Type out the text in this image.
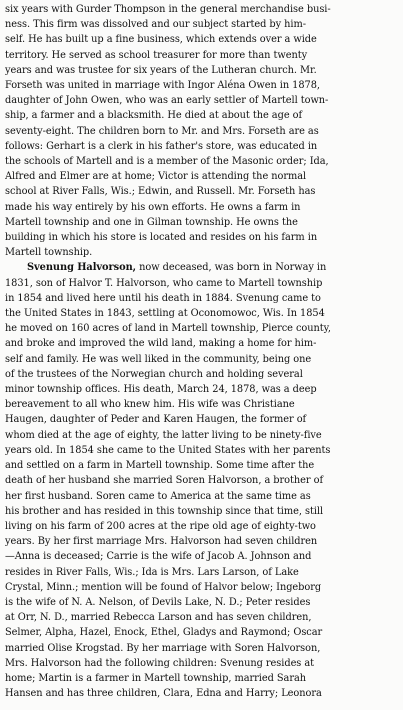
six years with Gurder Thompson in the general merchandise busi-
ness. This firm was dissolved and our subject started by him-
self. He has built up a fine business, which extends over a wide
territory. He served as school treasurer for more than twenty
years and was trustee for six years of the Lutheran church. Mr.
Forseth was united in marriage with Ingor Aléna Owen in 1878,
daughter of John Owen, who was an early settler of Martell town-
ship, a farmer and a blacksmith. He died at about the age of
seventy-eight. The children born to Mr. and Mrs. Forseth are as
follows: Gerhart is a clerk in his father's store, was educated in
the schools of Martell and is a member of the Masonic order; Ida,
Alfred and Elmer are at home; Victor is attending the normal
school at River Falls, Wis.; Edwin, and Russell. Mr. Forseth has
made his way entirely by his own efforts. He owns a farm in
Martell township and one in Gilman township. He owns the
building in which his store is located and resides on his farm in
Martell township.
Svenung Halvorson, now deceased, was born in Norway in
1831, son of Halvor T. Halvorson, who came to Martell township
in 1854 and lived here until his death in 1884. Svenung came to
the United States in 1843, settling at Oconomowoc, Wis. In 1854
he moved on 160 acres of land in Martell township, Pierce county,
and broke and improved the wild land, making a home for him-
self and family. He was well liked in the community, being one
of the trustees of the Norwegian church and holding several
minor township offices. His death, March 24, 1878, was a deep
bereavement to all who knew him. His wife was Christiane
Haugen, daughter of Peder and Karen Haugen, the former of
whom died at the age of eighty, the latter living to be ninety-five
years old. In 1854 she came to the United States with her parents
and settled on a farm in Martell township. Some time after the
death of her husband she married Soren Halvorson, a brother of
her first husband. Soren came to America at the same time as
his brother and has resided in this township since that time, still
living on his farm of 200 acres at the ripe old age of eighty-two
years. By her first marriage Mrs. Halvorson had seven children
—Anna is deceased; Carrie is the wife of Jacob A. Johnson and
resides in River Falls, Wis.; Ida is Mrs. Lars Larson, of Lake
Crystal, Minn.; mention will be found of Halvor below; Ingeborg
is the wife of N. A. Nelson, of Devils Lake, N. D.; Peter resides
at Orr, N. D., married Rebecca Larson and has seven children,
Selmer, Alpha, Hazel, Enock, Ethel, Gladys and Raymond; Oscar
married Olise Krogstad. By her marriage with Soren Halvorson,
Mrs. Halvorson had the following children: Svenung resides at
home; Martin is a farmer in Martell township, married Sarah
Hansen and has three children, Clara, Edna and Harry; Leonora
